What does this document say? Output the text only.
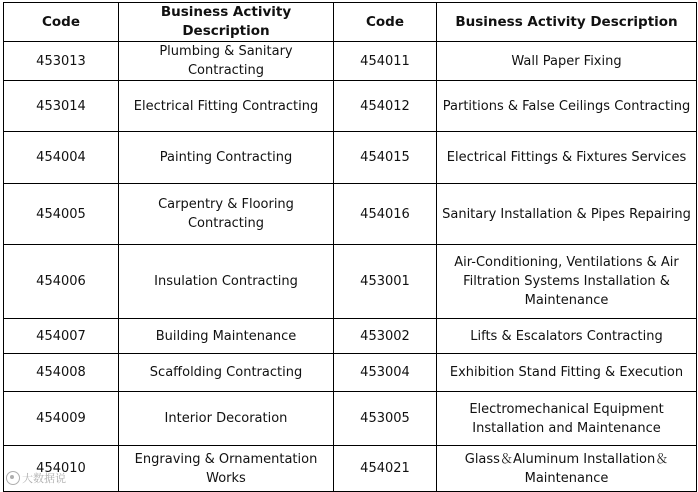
Code	Business Activity Description	Code	Business Activity Description
453013	Plumbing & Sanitary Contracting	454011	Wall Paper Fixing
453014	Electrical Fitting Contracting	454012	Partitions & False Ceilings Contracting
454004	Painting Contracting	454015	Electrical Fittings & Fixtures Services
454005	Carpentry & Flooring Contracting	454016	Sanitary Installation & Pipes Repairing
454006	Insulation Contracting	453001	Air-Conditioning, Ventilations & Air Filtration Systems Installation & Maintenance
454007	Building Maintenance	453002	Lifts & Escalators Contracting
454008	Scaffolding Contracting	453004	Exhibition Stand Fitting & Execution
454009	Interior Decoration	453005	Electromechanical Equipment Installation and Maintenance
454010	Engraving & Ornamentation Works	454021	Glass＆Aluminum Installation＆Maintenance
大数据说
